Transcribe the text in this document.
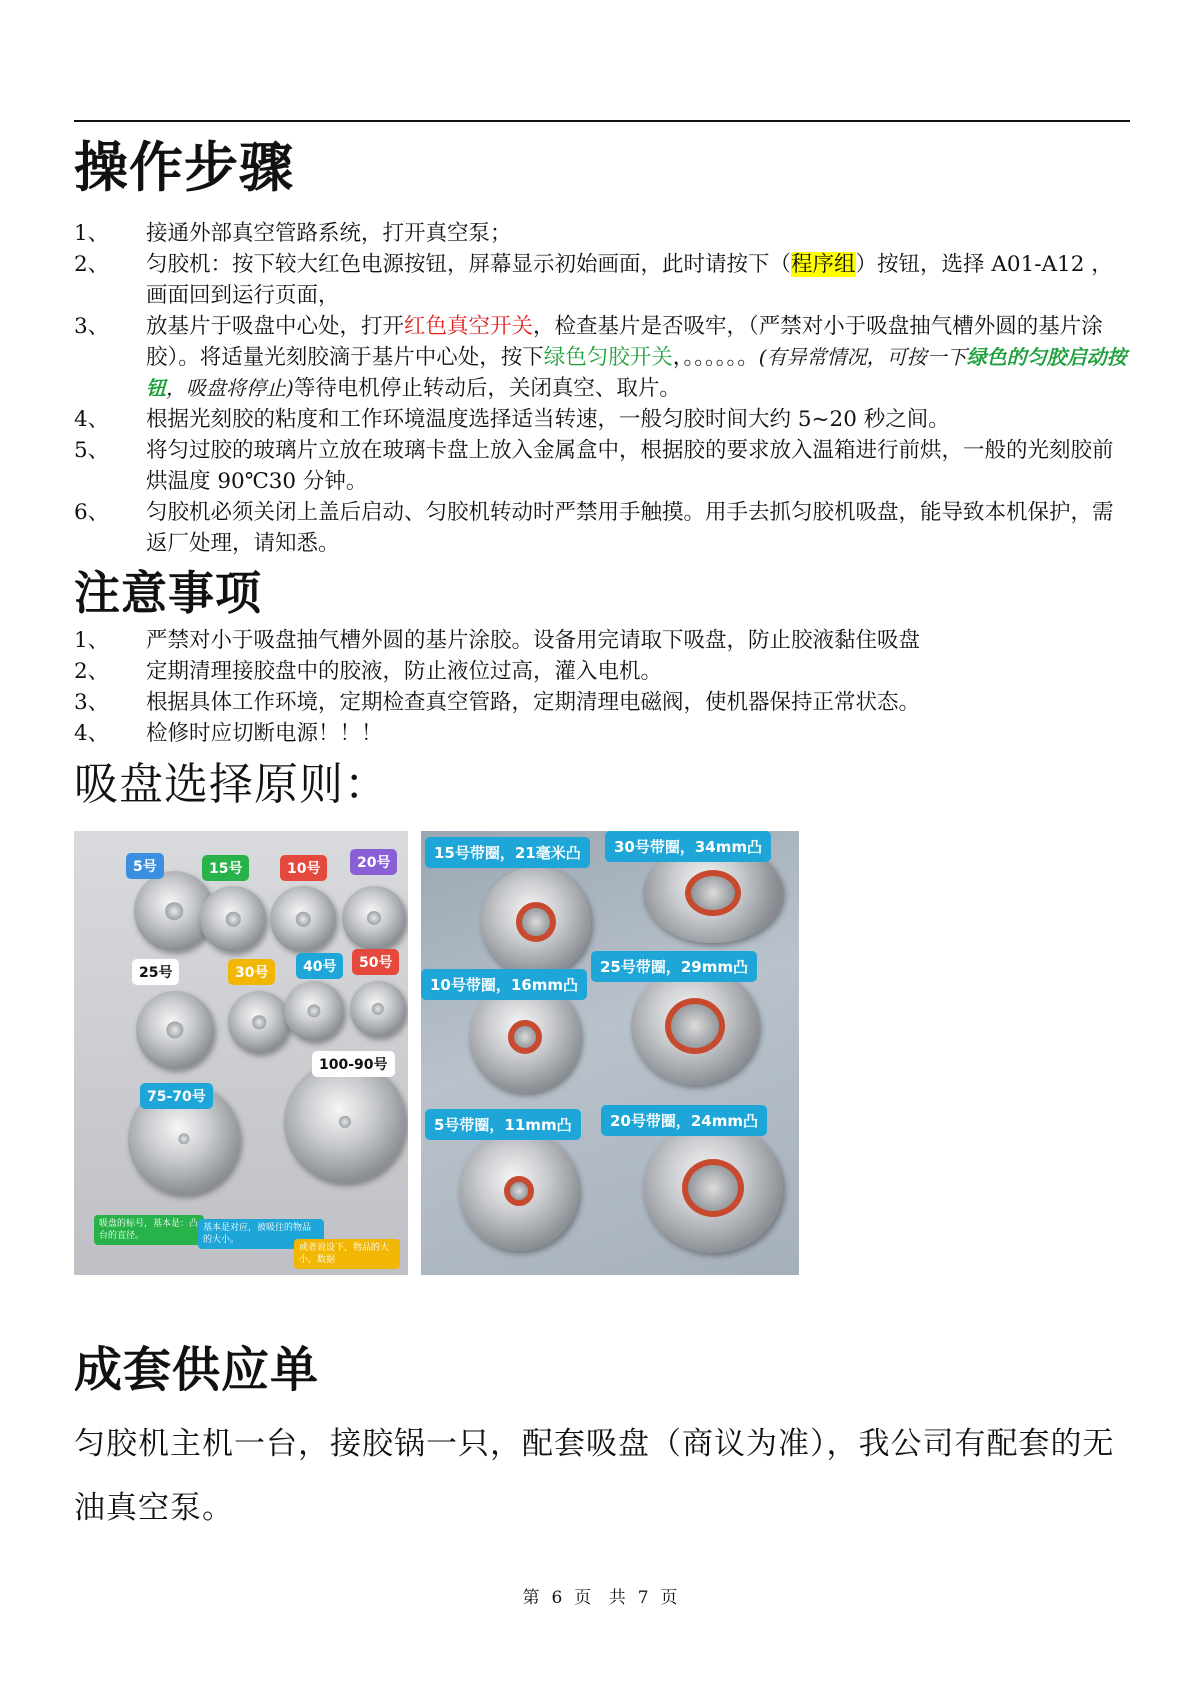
操作步骤
1、	接通外部真空管路系统，打开真空泵；
2、	匀胶机：按下较大红色电源按钮，屏幕显示初始画面，此时请按下（程序组）按钮，选择 A01-A12 ，画面回到运行页面，
3、	放基片于吸盘中心处，打开红色真空开关，检查基片是否吸牢，（严禁对小于吸盘抽气槽外圆的基片涂胶）。将适量光刻胶滴于基片中心处，按下绿色匀胶开关，。。。。。。(有异常情况，可按一下绿色的匀胶启动按钮，吸盘将停止)等待电机停止转动后，关闭真空、取片。
4、	根据光刻胶的粘度和工作环境温度选择适当转速，一般匀胶时间大约 5~20 秒之间。
5、	将匀过胶的玻璃片立放在玻璃卡盘上放入金属盒中，根据胶的要求放入温箱进行前烘，一般的光刻胶前烘温度 90℃30 分钟。
6、	匀胶机必须关闭上盖后启动、匀胶机转动时严禁用手触摸。用手去抓匀胶机吸盘，能导致本机保护，需返厂处理，请知悉。
注意事项
1、	严禁对小于吸盘抽气槽外圆的基片涂胶。设备用完请取下吸盘，防止胶液黏住吸盘
2、	定期清理接胶盘中的胶液，防止液位过高，灌入电机。
3、	根据具体工作环境，定期检查真空管路，定期清理电磁阀，使机器保持正常状态。
4、	检修时应切断电源！！！
吸盘选择原则：
5号	15号	10号	20号
25号	30号	40号	50号
100-90号
75-70号
吸盘的标号，基本是：凸台的直径。
基本是对应，被吸住的物品的大小。
或者说设下，物品的大小，数据
15号带圈，21毫米凸	30号带圈，34mm凸
25号带圈，29mm凸
10号带圈，16mm凸
5号带圈，11mm凸	20号带圈，24mm凸
成套供应单
匀胶机主机一台，接胶锅一只，配套吸盘（商议为准），我公司有配套的无油真空泵。
第 6 页 共 7 页
